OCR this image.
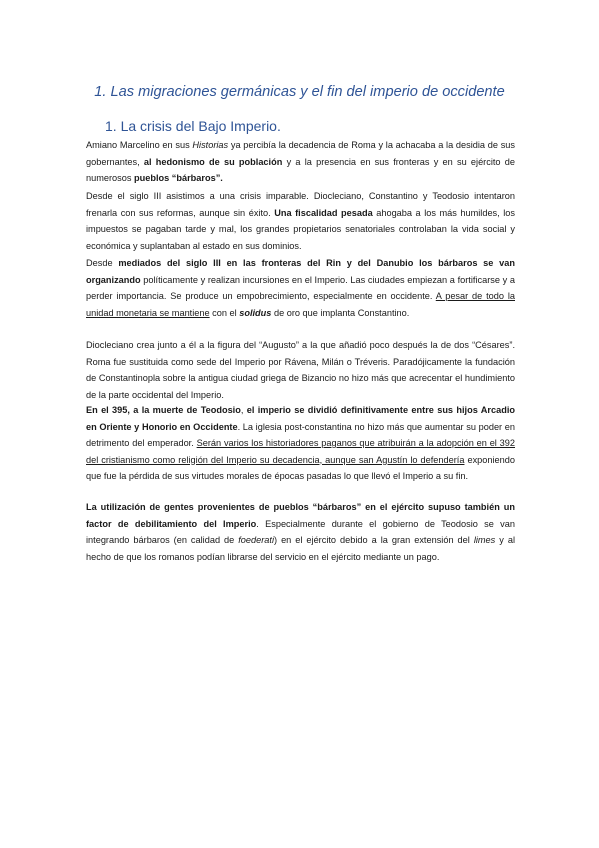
1. Las migraciones germánicas y el fin del imperio de occidente
1. La crisis del Bajo Imperio.

Amiano Marcelino en sus Historias ya percibía la decadencia de Roma y la achacaba a la desidia de sus gobernantes, al hedonismo de su población y a la presencia en sus fronteras y en su ejército de numerosos pueblos “bárbaros”.

Desde el siglo III asistimos a una crisis imparable. Diocleciano, Constantino y Teodosio intentaron frenarla con sus reformas, aunque sin éxito. Una fiscalidad pesada ahogaba a los más humildes, los impuestos se pagaban tarde y mal, los grandes propietarios senatoriales controlaban la vida social y económica y suplantaban al estado en sus dominios.

Desde mediados del siglo III en las fronteras del Rin y del Danubio los bárbaros se van organizando políticamente y realizan incursiones en el Imperio. Las ciudades empiezan a fortificarse y a perder importancia. Se produce un empobrecimiento, especialmente en occidente. A pesar de todo la unidad monetaria se mantiene con el solidus de oro que implanta Constantino.

Diocleciano crea junto a él a la figura del “Augusto” a la que añadió poco después la de dos “Césares”. Roma fue sustituida como sede del Imperio por Rávena, Milán o Tréveris. Paradójicamente la fundación de Constantinopla sobre la antigua ciudad griega de Bizancio no hizo más que acrecentar el hundimiento de la parte occidental del Imperio.

En el 395, a la muerte de Teodosio, el imperio se dividió definitivamente entre sus hijos Arcadio en Oriente y Honorio en Occidente. La iglesia post-constantina no hizo más que aumentar su poder en detrimento del emperador. Serán varios los historiadores paganos que atribuirán a la adopción en el 392 del cristianismo como religión del Imperio su decadencia, aunque san Agustín lo defendería exponiendo que fue la pérdida de sus virtudes morales de épocas pasadas lo que llevó el Imperio a su fin.

La utilización de gentes provenientes de pueblos “bárbaros” en el ejército supuso también un factor de debilitamiento del Imperio. Especialmente durante el gobierno de Teodosio se van integrando bárbaros (en calidad de foederati) en el ejército debido a la gran extensión del limes y al hecho de que los romanos podían librarse del servicio en el ejército mediante un pago.
